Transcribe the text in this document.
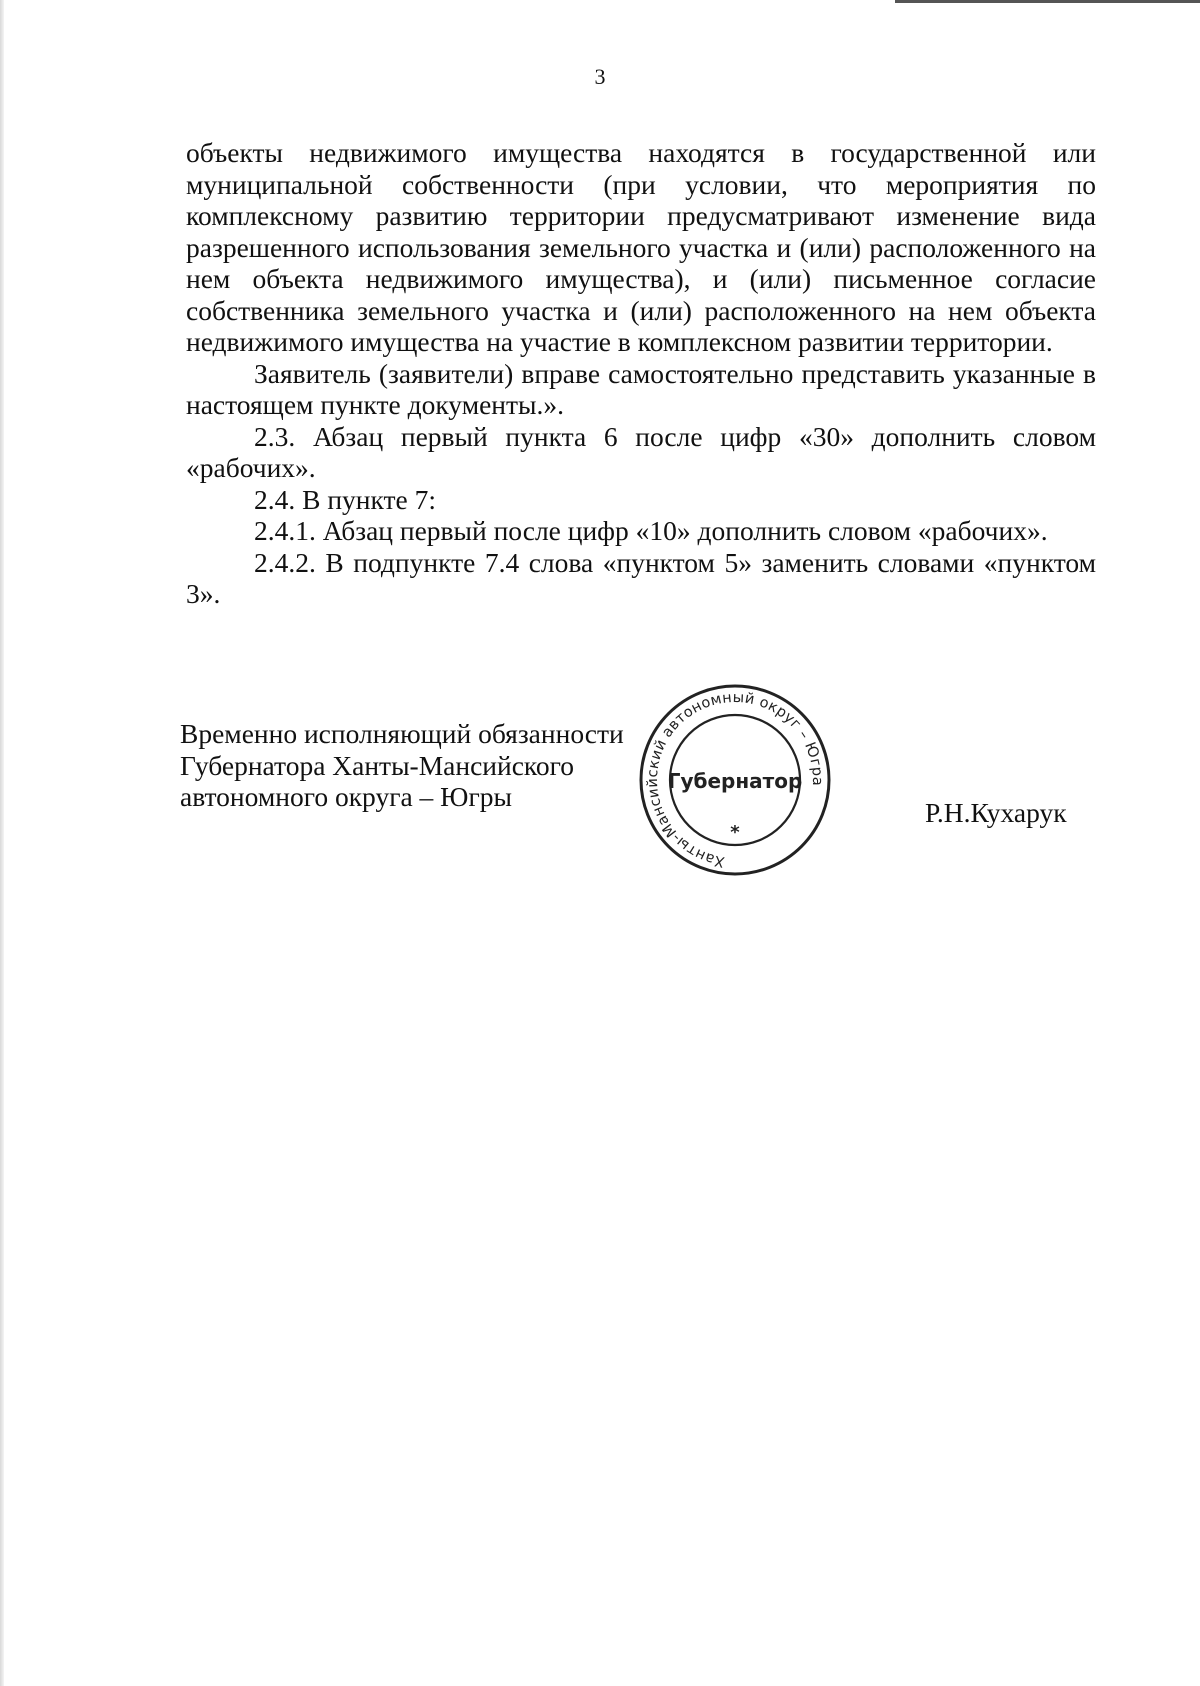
3

объекты недвижимого имущества находятся в государственной или муниципальной собственности (при условии, что мероприятия по комплексному развитию территории предусматривают изменение вида разрешенного использования земельного участка и (или) расположенного на нем объекта недвижимого имущества), и (или) письменное согласие собственника земельного участка и (или) расположенного на нем объекта недвижимого имущества на участие в комплексном развитии территории.

Заявитель (заявители) вправе самостоятельно представить указанные в настоящем пункте документы.».

2.3. Абзац первый пункта 6 после цифр «30» дополнить словом «рабочих».

2.4. В пункте 7:

2.4.1. Абзац первый после цифр «10» дополнить словом «рабочих».

2.4.2. В подпункте 7.4 слова «пунктом 5» заменить словами «пунктом 3».

Временно исполняющий обязанности
Губернатора Ханты-Мансийского
автономного округа – Югры
Ханты-Мансийский автономный округ – Югра
Губернатор
*
Р.Н.Кухарук
